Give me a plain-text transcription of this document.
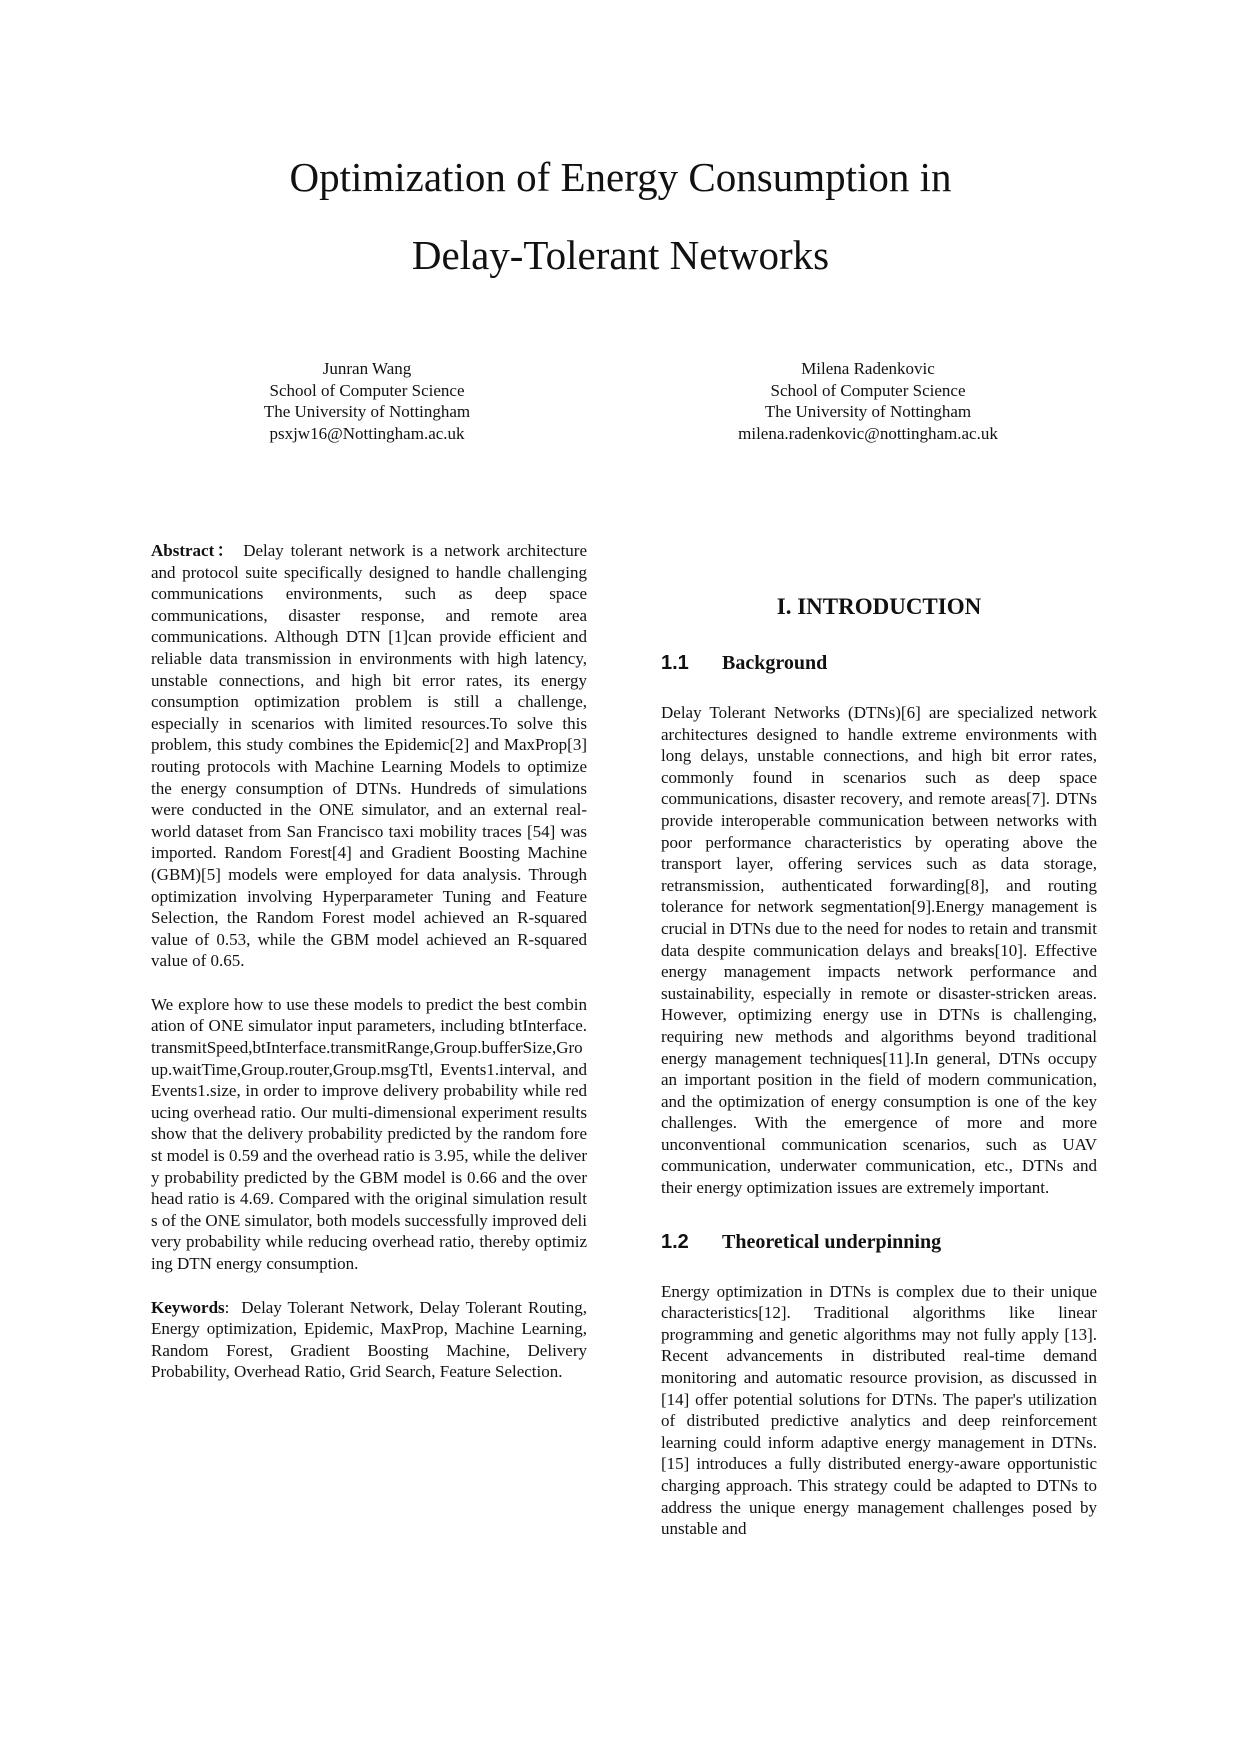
Optimization of Energy Consumption in
Delay-Tolerant Networks
Junran Wang
School of Computer Science
The University of Nottingham
psxjw16@Nottingham.ac.uk
Milena Radenkovic
School of Computer Science
The University of Nottingham
milena.radenkovic@nottingham.ac.uk

Abstract： Delay tolerant network is a network architecture and protocol suite specifically designed to handle challenging communications environments, such as deep space communications, disaster response, and remote area communications. Although DTN [1]can provide efficient and reliable data transmission in environments with high latency, unstable connections, and high bit error rates, its energy consumption optimization problem is still a challenge, especially in scenarios with limited resources.To solve this problem, this study combines the Epidemic[2] and MaxProp[3] routing protocols with Machine Learning Models to optimize the energy consumption of DTNs. Hundreds of simulations were conducted in the ONE simulator, and an external real-world dataset from San Francisco taxi mobility traces [54] was imported. Random Forest[4] and Gradient Boosting Machine (GBM)[5] models were employed for data analysis. Through optimization involving Hyperparameter Tuning and Feature Selection, the Random Forest model achieved an R-squared value of 0.53, while the GBM model achieved an R-squared value of 0.65.

We explore how to use these models to predict the best combination of ONE simulator input parameters, including btInterface.transmitSpeed,btInterface.transmitRange,Group.bufferSize,Group.waitTime,Group.router,Group.msgTtl, Events1.interval, and Events1.size, in order to improve delivery probability while reducing overhead ratio. Our multi-dimensional experiment results show that the delivery probability predicted by the random forest model is 0.59 and the overhead ratio is 3.95, while the delivery probability predicted by the GBM model is 0.66 and the overhead ratio is 4.69. Compared with the original simulation results of the ONE simulator, both models successfully improved delivery probability while reducing overhead ratio, thereby optimizing DTN energy consumption.

Keywords: Delay Tolerant Network, Delay Tolerant Routing, Energy optimization, Epidemic, MaxProp, Machine Learning, Random Forest, Gradient Boosting Machine, Delivery Probability, Overhead Ratio, Grid Search, Feature Selection.

I. INTRODUCTION
1.1	Background

Delay Tolerant Networks (DTNs)[6] are specialized network architectures designed to handle extreme environments with long delays, unstable connections, and high bit error rates, commonly found in scenarios such as deep space communications, disaster recovery, and remote areas[7]. DTNs provide interoperable communication between networks with poor performance characteristics by operating above the transport layer, offering services such as data storage, retransmission, authenticated forwarding[8], and routing tolerance for network segmentation[9].Energy management is crucial in DTNs due to the need for nodes to retain and transmit data despite communication delays and breaks[10]. Effective energy management impacts network performance and sustainability, especially in remote or disaster-stricken areas. However, optimizing energy use in DTNs is challenging, requiring new methods and algorithms beyond traditional energy management techniques[11].In general, DTNs occupy an important position in the field of modern communication, and the optimization of energy consumption is one of the key challenges. With the emergence of more and more unconventional communication scenarios, such as UAV communication, underwater communication, etc., DTNs and their energy optimization issues are extremely important.

1.2	Theoretical underpinning

Energy optimization in DTNs is complex due to their unique characteristics[12]. Traditional algorithms like linear programming and genetic algorithms may not fully apply [13]. Recent advancements in distributed real-time demand monitoring and automatic resource provision, as discussed in [14] offer potential solutions for DTNs. The paper's utilization of distributed predictive analytics and deep reinforcement learning could inform adaptive energy management in DTNs. [15] introduces a fully distributed energy-aware opportunistic charging approach. This strategy could be adapted to DTNs to address the unique energy management challenges posed by unstable and
